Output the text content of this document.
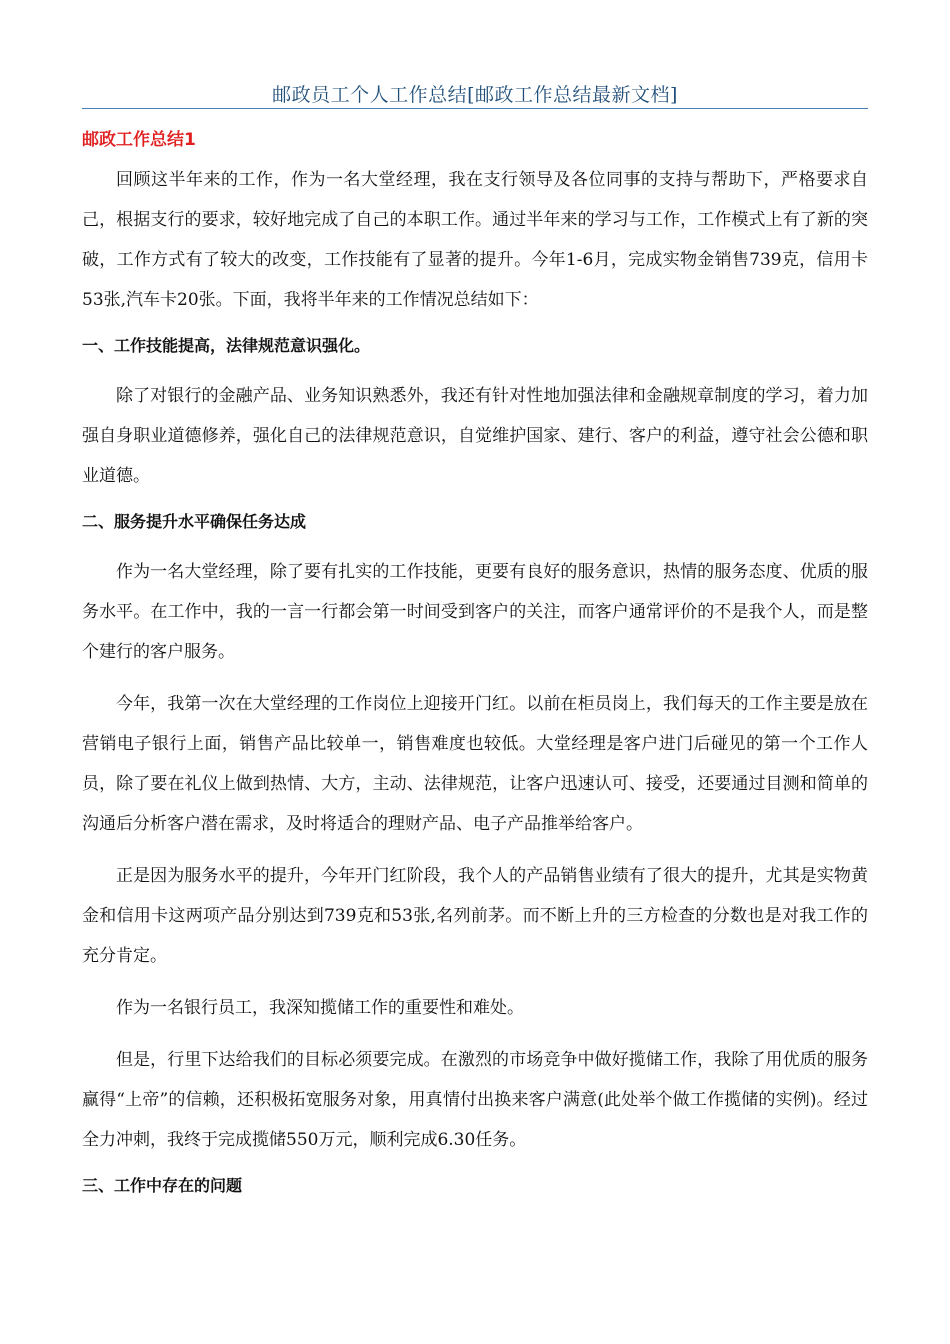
邮政员工个人工作总结[邮政工作总结最新文档]
邮政工作总结1

回顾这半年来的工作，作为一名大堂经理，我在支行领导及各位同事的支持与帮助下，严格要求自己，根据支行的要求，较好地完成了自己的本职工作。通过半年来的学习与工作，工作模式上有了新的突破，工作方式有了较大的改变，工作技能有了显著的提升。今年1-6月，完成实物金销售739克，信用卡53张,汽车卡20张。下面，我将半年来的工作情况总结如下：

一、工作技能提高，法律规范意识强化。

除了对银行的金融产品、业务知识熟悉外，我还有针对性地加强法律和金融规章制度的学习，着力加强自身职业道德修养，强化自己的法律规范意识，自觉维护国家、建行、客户的利益，遵守社会公德和职业道德。

二、服务提升水平确保任务达成

作为一名大堂经理，除了要有扎实的工作技能，更要有良好的服务意识，热情的服务态度、优质的服务水平。在工作中，我的一言一行都会第一时间受到客户的关注，而客户通常评价的不是我个人，而是整个建行的客户服务。

今年，我第一次在大堂经理的工作岗位上迎接开门红。以前在柜员岗上，我们每天的工作主要是放在营销电子银行上面，销售产品比较单一，销售难度也较低。大堂经理是客户进门后碰见的第一个工作人员，除了要在礼仪上做到热情、大方，主动、法律规范，让客户迅速认可、接受，还要通过目测和简单的沟通后分析客户潜在需求，及时将适合的理财产品、电子产品推举给客户。

正是因为服务水平的提升，今年开门红阶段，我个人的产品销售业绩有了很大的提升，尤其是实物黄金和信用卡这两项产品分别达到739克和53张,名列前茅。而不断上升的三方检查的分数也是对我工作的充分肯定。

作为一名银行员工，我深知揽储工作的重要性和难处。

但是，行里下达给我们的目标必须要完成。在激烈的市场竞争中做好揽储工作，我除了用优质的服务赢得“上帝”的信赖，还积极拓宽服务对象，用真情付出换来客户满意(此处举个做工作揽储的实例)。经过全力冲刺，我终于完成揽储550万元，顺利完成6.30任务。

三、工作中存在的问题
